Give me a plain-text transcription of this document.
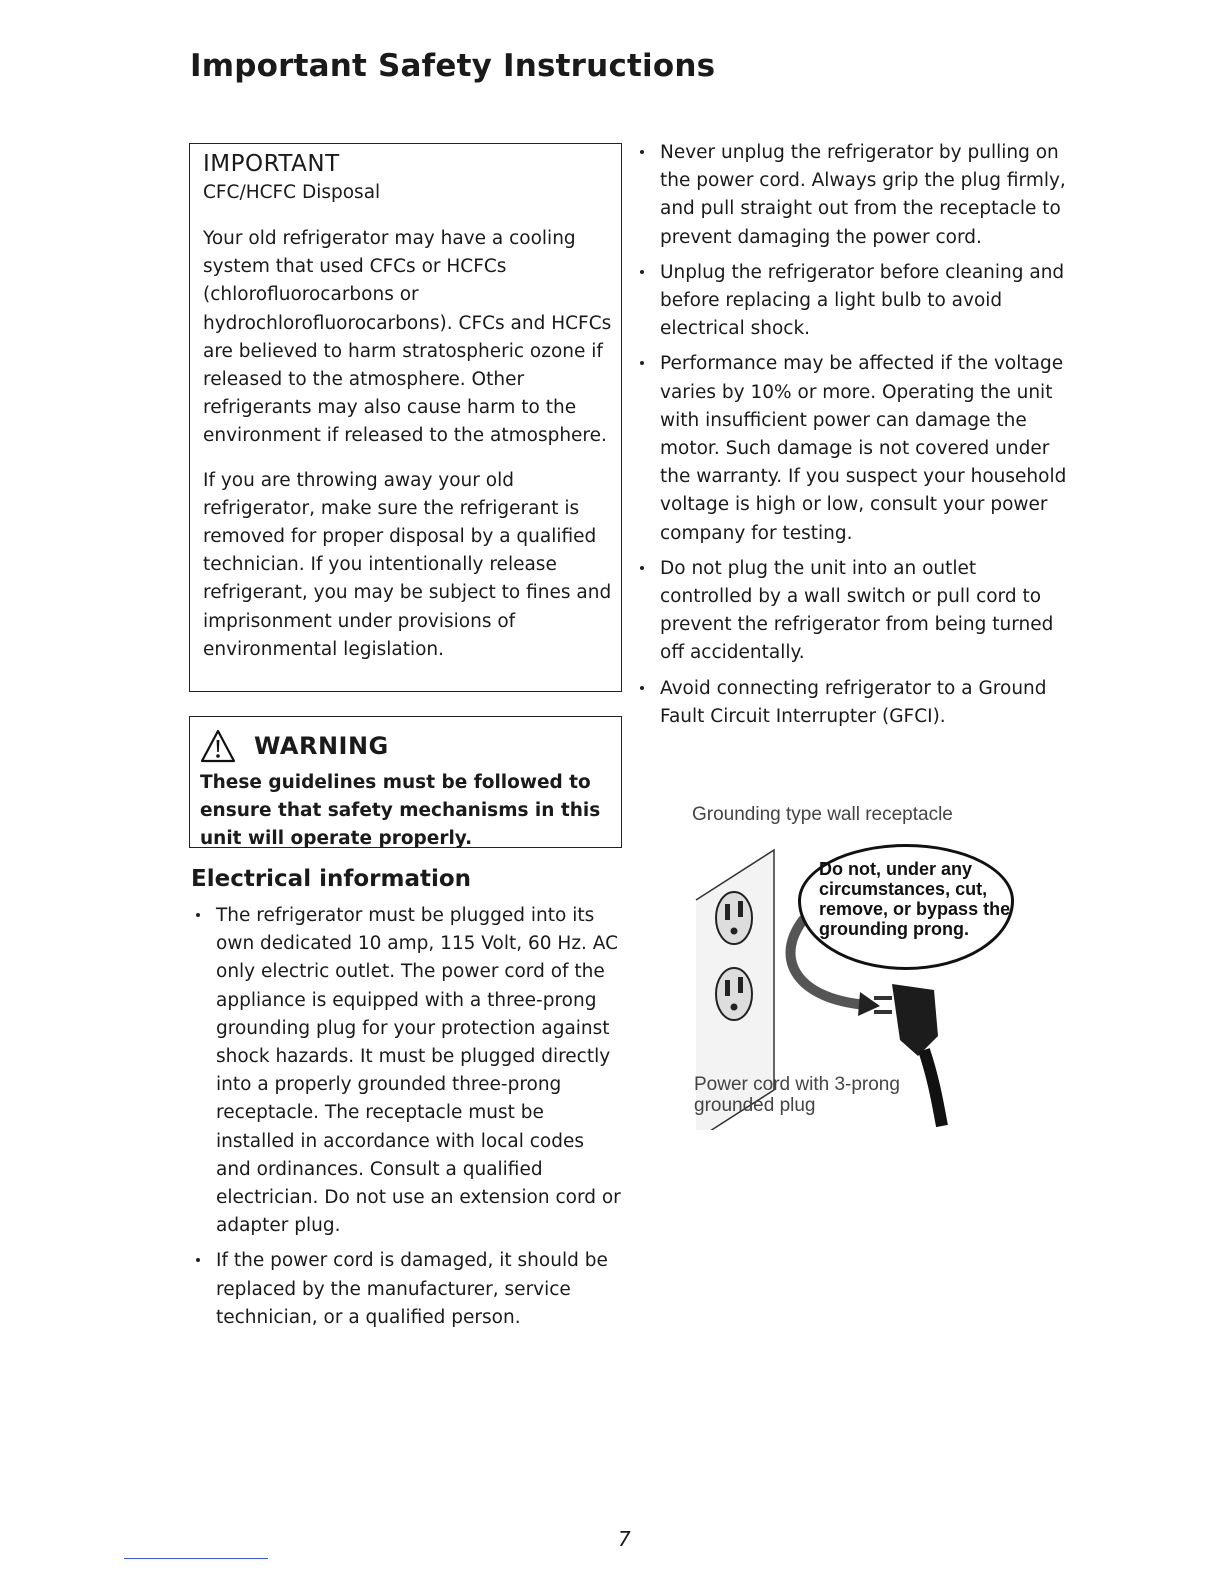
Important Safety Instructions
IMPORTANT
CFC/HCFC Disposal

Your old refrigerator may have a cooling system that used CFCs or HCFCs (chlorofluorocarbons or hydrochlorofluorocarbons). CFCs and HCFCs are believed to harm stratospheric ozone if released to the atmosphere. Other refrigerants may also cause harm to the environment if released to the atmosphere.

If you are throwing away your old refrigerator, make sure the refrigerant is removed for proper disposal by a qualified technician. If you intentionally release refrigerant, you may be subject to fines and imprisonment under provisions of environmental legislation.

WARNING

These guidelines must be followed to ensure that safety mechanisms in this unit will operate properly.

Electrical information
The refrigerator must be plugged into its own dedicated 10 amp, 115 Volt, 60 Hz. AC only electric outlet. The power cord of the appliance is equipped with a three-prong grounding plug for your protection against shock hazards. It must be plugged directly into a properly grounded three-prong receptacle. The receptacle must be installed in accordance with local codes and ordinances. Consult a qualified electrician. Do not use an extension cord or adapter plug.
If the power cord is damaged, it should be replaced by the manufacturer, service technician, or a qualified person.
Never unplug the refrigerator by pulling on the power cord. Always grip the plug firmly, and pull straight out from the receptacle to prevent damaging the power cord.
Unplug the refrigerator before cleaning and before replacing a light bulb to avoid electrical shock.
Performance may be affected if the voltage varies by 10% or more. Operating the unit with insufficient power can damage the motor. Such damage is not covered under the warranty. If you suspect your household voltage is high or low, consult your power company for testing.
Do not plug the unit into an outlet controlled by a wall switch or pull cord to prevent the refrigerator from being turned off accidentally.
Avoid connecting refrigerator to a Ground Fault Circuit Interrupter (GFCI).
Grounding type wall receptacle
Do not, under any circumstances, cut, remove, or bypass the grounding prong.
Power cord with 3-prong grounded plug
7
